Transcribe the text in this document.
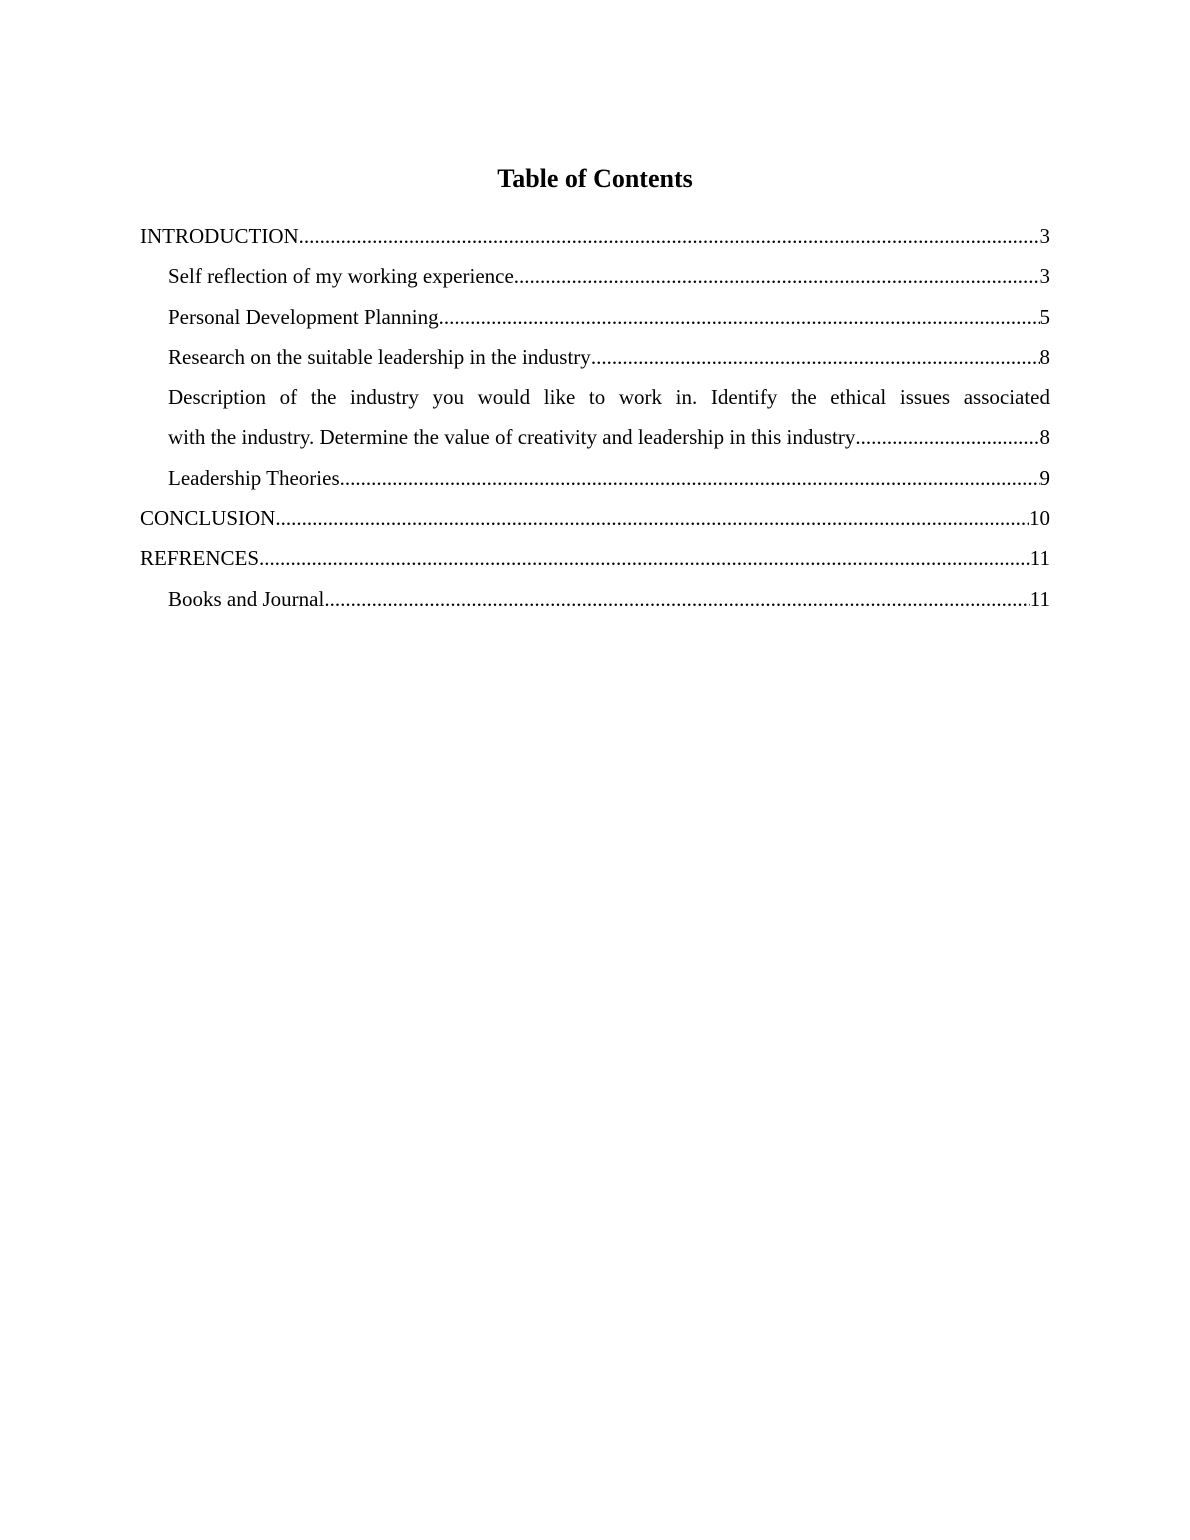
Table of Contents
INTRODUCTION .....	3
Self reflection of my working experience .....	3
Personal Development Planning .....	5
Research on the suitable leadership in the industry .....	8
Description of the industry you would like to work in. Identify the ethical issues associated
with the industry. Determine the value of creativity and leadership in this industry .....	8
Leadership Theories .....	9
CONCLUSION .....	10
REFRENCES .....	11
Books and Journal .....	11
